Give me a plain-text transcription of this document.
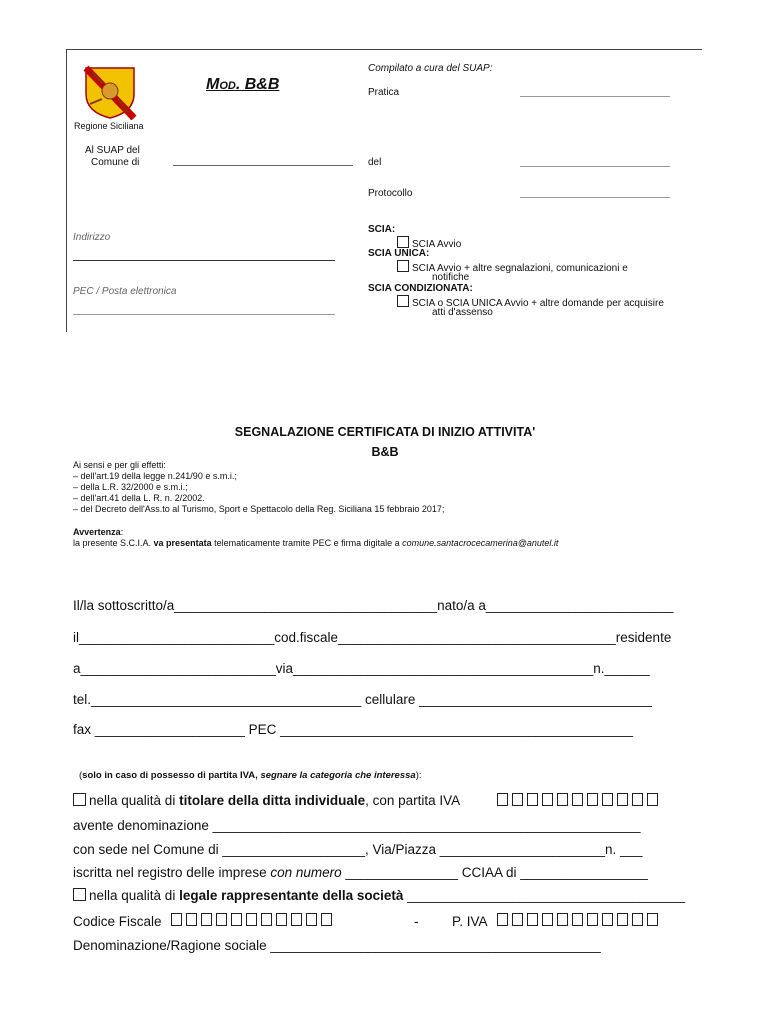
Regione Siciliana
Mod. B&B
Al SUAP del
Comune di
Indirizzo
PEC / Posta elettronica
Compilato a cura del SUAP:
Pratica
del
Protocollo
SCIA:
SCIA Avvio
SCIA UNICA:
SCIA Avvio + altre segnalazioni, comunicazioni e
notifiche
SCIA CONDIZIONATA:
SCIA o SCIA UNICA Avvio + altre domande per acquisire
atti d'assenso
SEGNALAZIONE CERTIFICATA DI INIZIO ATTIVITA'
B&B
Ai sensi e per gli effetti:
– dell'art.19 della legge n.241/90 e s.m.i.;
– della L.R. 32/2000 e s.m.i.;
– dell'art.41 della L. R. n. 2/2002.
– del Decreto dell'Ass.to al Turismo, Sport e Spettacolo della Reg. Siciliana 15 febbraio 2017;
Avvertenza:
la presente S.C.I.A. va presentata telematicamente tramite PEC e firma digitale a comune.santacrocecamerina@anutel.it
Il/la sottoscritto/a___________________________________nato/a a_________________________
il__________________________cod.fiscale_____________________________________residente
a__________________________via________________________________________n.______
tel.____________________________________ cellulare _______________________________
fax ____________________ PEC _______________________________________________
(solo in caso di possesso di partita IVA, segnare la categoria che interessa):
nella qualità di titolare della ditta individuale, con partita IVA
avente denominazione _________________________________________________________
con sede nel Comune di ___________________, Via/Piazza ______________________n. ___
iscritta nel registro delle imprese con numero _______________ CCIAA di _________________
nella qualità di legale rappresentante della società _____________________________________
Codice Fiscale	- P. IVA
Denominazione/Ragione sociale ____________________________________________
